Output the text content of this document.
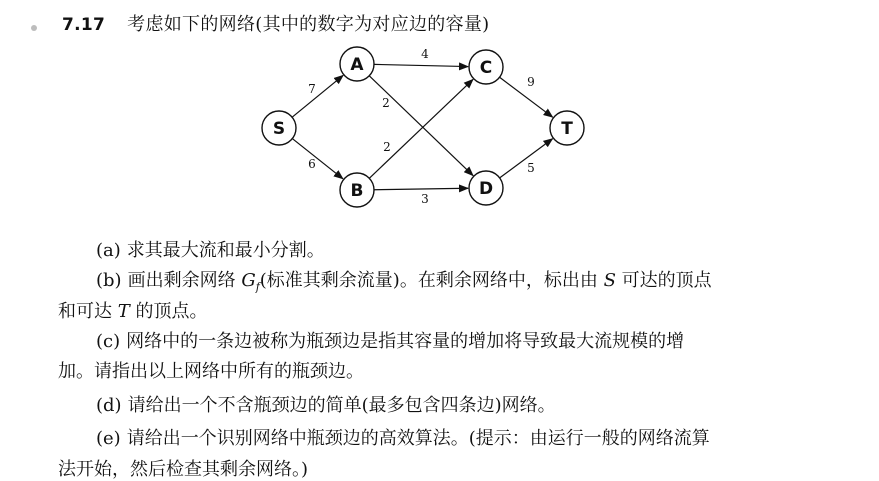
7.17 考虑如下的网络(其中的数字为对应边的容量)
7
6
4
2
2
3
9
5
S
A
B
C
D
T
(a) 求其最大流和最小分割。
(b) 画出剩余网络 $G_f$(标准其剩余流量)。在剩余网络中，标出由 S 可达的顶点
和可达 T 的顶点。
(c) 网络中的一条边被称为瓶颈边是指其容量的增加将导致最大流规模的增
加。请指出以上网络中所有的瓶颈边。
(d) 请给出一个不含瓶颈边的简单(最多包含四条边)网络。
(e) 请给出一个识别网络中瓶颈边的高效算法。(提示：由运行一般的网络流算
法开始，然后检查其剩余网络。)
